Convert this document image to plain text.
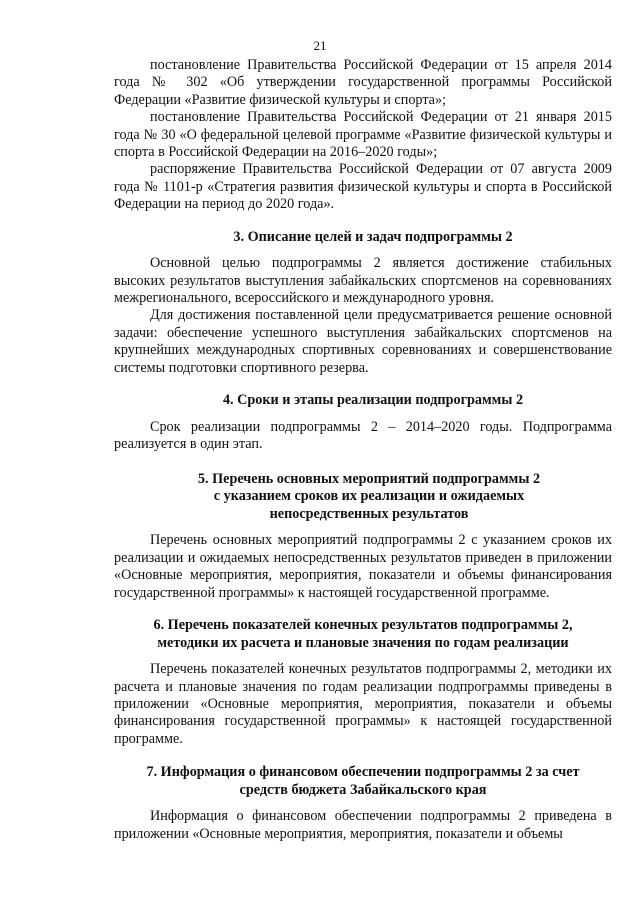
21

постановление Правительства Российской Федерации от 15 апреля 2014 года № 302 «Об утверждении государственной программы Российской Федерации «Развитие физической культуры и спорта»;

постановление Правительства Российской Федерации от 21 января 2015 года № 30 «О федеральной целевой программе «Развитие физической культуры и спорта в Российской Федерации на 2016–2020 годы»;

распоряжение Правительства Российской Федерации от 07 августа 2009 года № 1101-р «Стратегия развития физической культуры и спорта в Российской Федерации на период до 2020 года».

3. Описание целей и задач подпрограммы 2

Основной целью подпрограммы 2 является достижение стабильных высоких результатов выступления забайкальских спортсменов на соревнованиях межрегионального, всероссийского и международного уровня.

Для достижения поставленной цели предусматривается решение основной задачи: обеспечение успешного выступления забайкальских спортсменов на крупнейших международных спортивных соревнованиях и совершенствование системы подготовки спортивного резерва.

4. Сроки и этапы реализации подпрограммы 2

Срок реализации подпрограммы 2 – 2014–2020 годы. Подпрограмма реализуется в один этап.

5. Перечень основных мероприятий подпрограммы 2
с указанием сроков их реализации и ожидаемых
непосредственных результатов

Перечень основных мероприятий подпрограммы 2 с указанием сроков их реализации и ожидаемых непосредственных результатов приведен в приложении «Основные мероприятия, мероприятия, показатели и объемы финансирования государственной программы» к настоящей государственной программе.

6. Перечень показателей конечных результатов подпрограммы 2,
методики их расчета и плановые значения по годам реализации

Перечень показателей конечных результатов подпрограммы 2, методики их расчета и плановые значения по годам реализации подпрограммы приведены в приложении «Основные мероприятия, мероприятия, показатели и объемы финансирования государственной программы» к настоящей государственной программе.

7. Информация о финансовом обеспечении подпрограммы 2 за счет
средств бюджета Забайкальского края

Информация о финансовом обеспечении подпрограммы 2 приведена в приложении «Основные мероприятия, мероприятия, показатели и объемы
